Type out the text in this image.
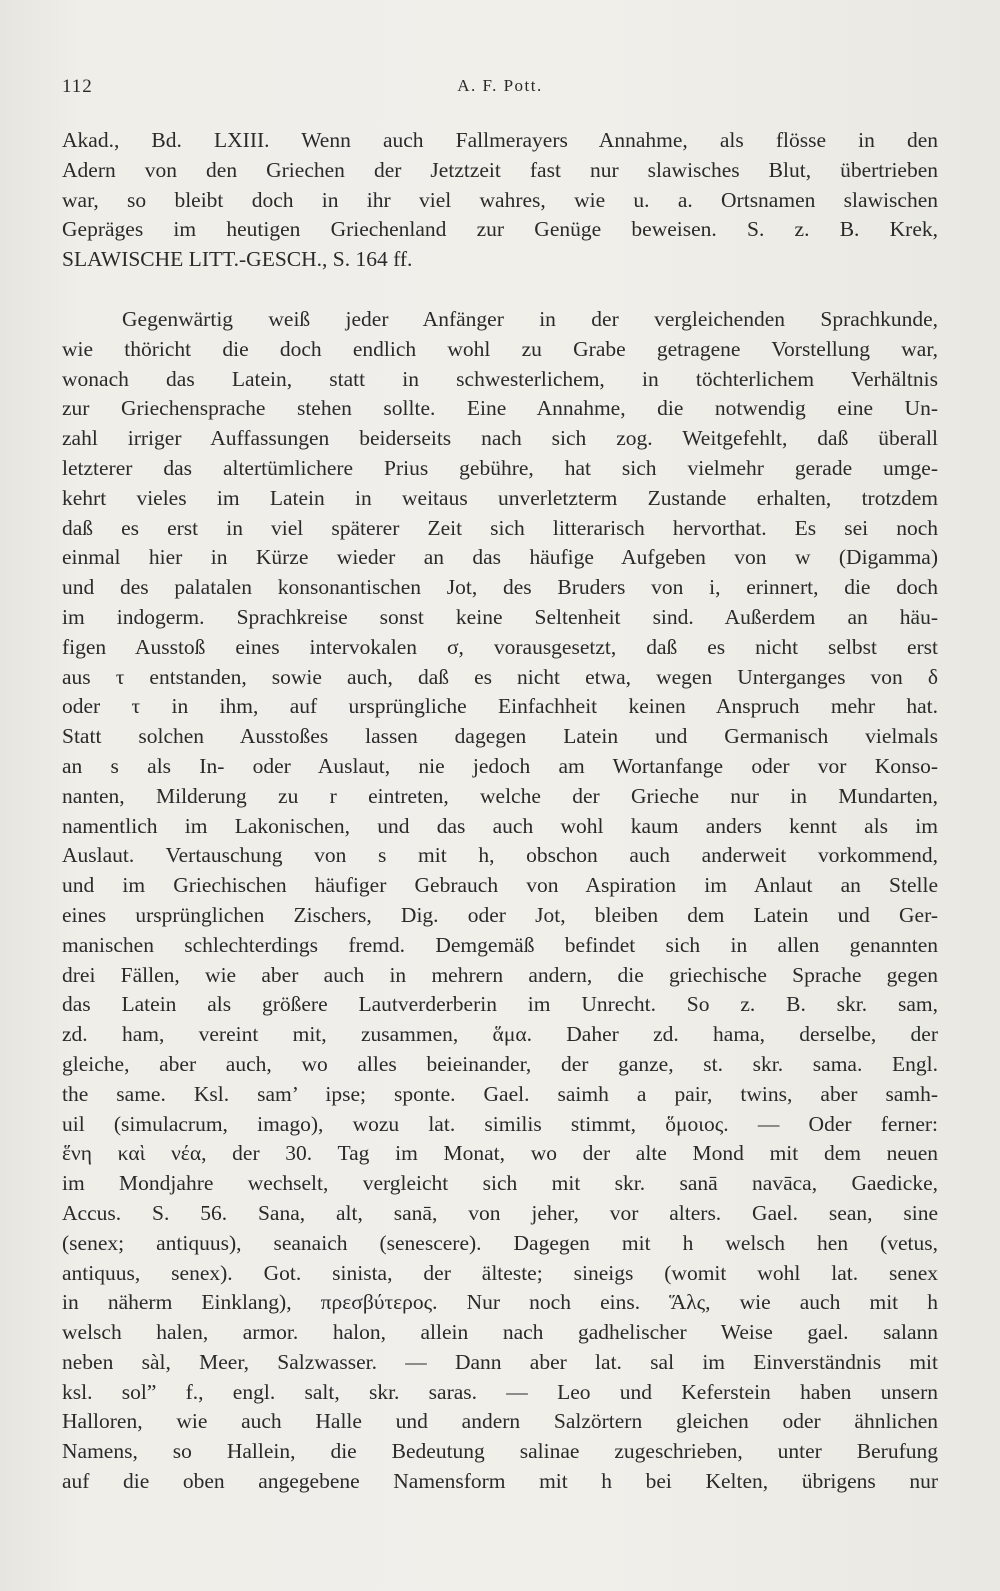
112	A. F. Pott.
Akad., Bd. LXIII. Wenn auch Fallmerayers Annahme, als flösse in den
Adern von den Griechen der Jetztzeit fast nur slawisches Blut, übertrieben
war, so bleibt doch in ihr viel wahres, wie u. a. Ortsnamen slawischen
Gepräges im heutigen Griechenland zur Genüge beweisen. S. z. B. Krek,
SLAWISCHE LITT.-GESCH., S. 164 ff.
Gegenwärtig weiß jeder Anfänger in der vergleichenden Sprachkunde,
wie thöricht die doch endlich wohl zu Grabe getragene Vorstellung war,
wonach das Latein, statt in schwesterlichem, in töchterlichem Verhältnis
zur Griechensprache stehen sollte. Eine Annahme, die notwendig eine Un-
zahl irriger Auffassungen beiderseits nach sich zog. Weitgefehlt, daß überall
letzterer das altertümlichere Prius gebühre, hat sich vielmehr gerade umge-
kehrt vieles im Latein in weitaus unverletzterm Zustande erhalten, trotzdem
daß es erst in viel späterer Zeit sich litterarisch hervorthat. Es sei noch
einmal hier in Kürze wieder an das häufige Aufgeben von w (Digamma)
und des palatalen konsonantischen Jot, des Bruders von i, erinnert, die doch
im indogerm. Sprachkreise sonst keine Seltenheit sind. Außerdem an häu-
figen Ausstoß eines intervokalen σ, vorausgesetzt, daß es nicht selbst erst
aus τ entstanden, sowie auch, daß es nicht etwa, wegen Unterganges von δ
oder τ in ihm, auf ursprüngliche Einfachheit keinen Anspruch mehr hat.
Statt solchen Ausstoßes lassen dagegen Latein und Germanisch vielmals
an s als In- oder Auslaut, nie jedoch am Wortanfange oder vor Konso-
nanten, Milderung zu r eintreten, welche der Grieche nur in Mundarten,
namentlich im Lakonischen, und das auch wohl kaum anders kennt als im
Auslaut. Vertauschung von s mit h, obschon auch anderweit vorkommend,
und im Griechischen häufiger Gebrauch von Aspiration im Anlaut an Stelle
eines ursprünglichen Zischers, Dig. oder Jot, bleiben dem Latein und Ger-
manischen schlechterdings fremd. Demgemäß befindet sich in allen genannten
drei Fällen, wie aber auch in mehrern andern, die griechische Sprache gegen
das Latein als größere Lautverderberin im Unrecht. So z. B. skr. sam,
zd. ham, vereint mit, zusammen, ἅμα. Daher zd. hama, derselbe, der
gleiche, aber auch, wo alles beieinander, der ganze, st. skr. sama. Engl.
the same. Ksl. sam’ ipse; sponte. Gael. saimh a pair, twins, aber samh-
uil (simulacrum, imago), wozu lat. similis stimmt, ὅμοιος. — Oder ferner:
ἕνη καὶ νέα, der 30. Tag im Monat, wo der alte Mond mit dem neuen
im Mondjahre wechselt, vergleicht sich mit skr. sanā navāca, Gaedicke,
Accus. S. 56. Sana, alt, sanā, von jeher, vor alters. Gael. sean, sine
(senex; antiquus), seanaich (senescere). Dagegen mit h welsch hen (vetus,
antiquus, senex). Got. sinista, der älteste; sineigs (womit wohl lat. senex
in näherm Einklang), πρεσβύτερος. Nur noch eins. Ἅλς, wie auch mit h
welsch halen, armor. halon, allein nach gadhelischer Weise gael. salann
neben sàl, Meer, Salzwasser. — Dann aber lat. sal im Einverständnis mit
ksl. sol” f., engl. salt, skr. saras. — Leo und Keferstein haben unsern
Halloren, wie auch Halle und andern Salzörtern gleichen oder ähnlichen
Namens, so Hallein, die Bedeutung salinae zugeschrieben, unter Berufung
auf die oben angegebene Namensform mit h bei Kelten, übrigens nur
